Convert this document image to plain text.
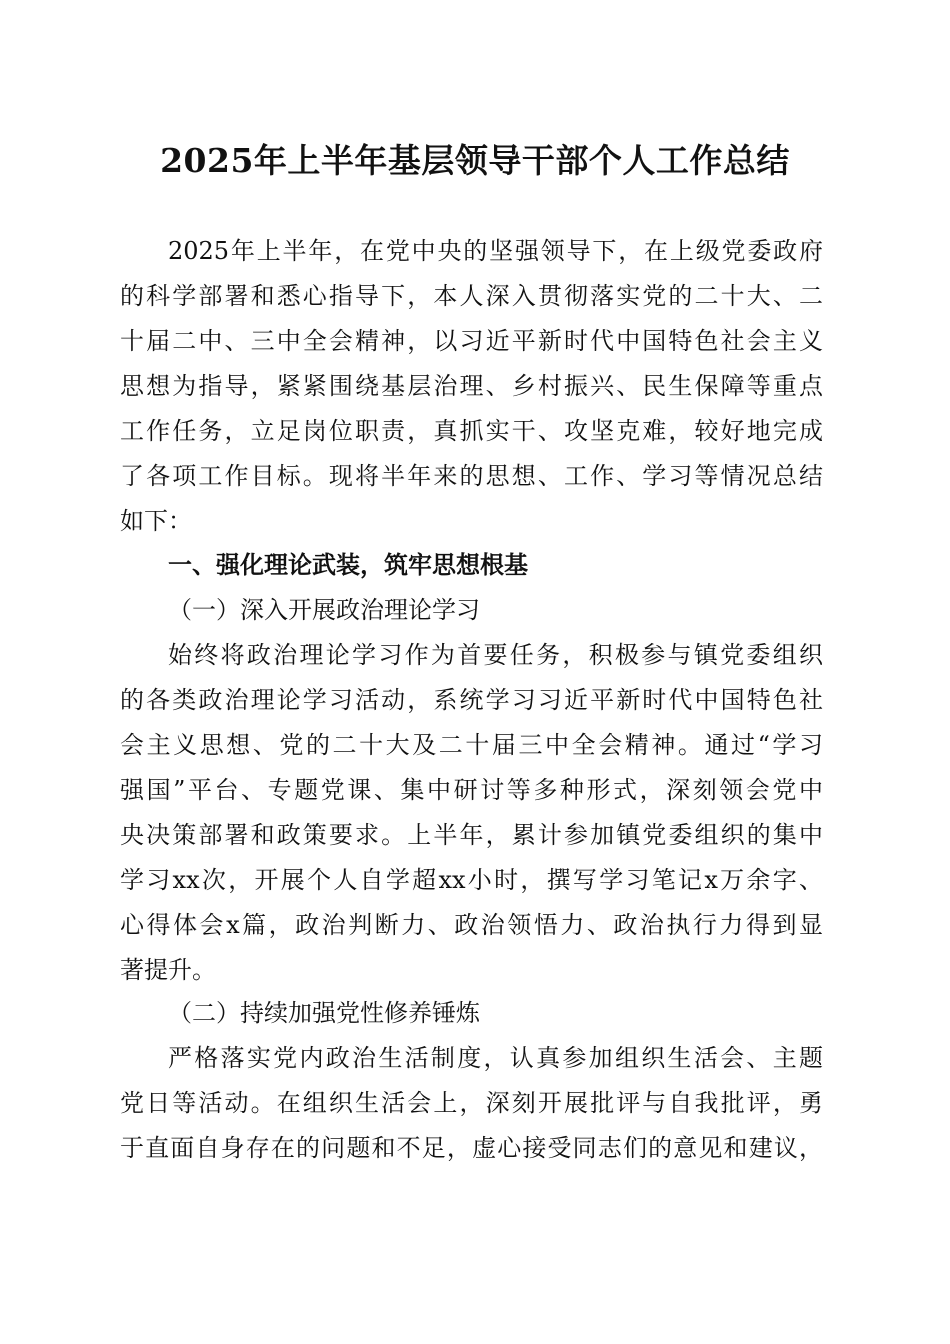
2025年上半年基层领导干部个人工作总结
2025年上半年，在党中央的坚强领导下，在上级党委政府
的科学部署和悉心指导下，本人深入贯彻落实党的二十大、二
十届二中、三中全会精神，以习近平新时代中国特色社会主义
思想为指导，紧紧围绕基层治理、乡村振兴、民生保障等重点
工作任务，立足岗位职责，真抓实干、攻坚克难，较好地完成
了各项工作目标。现将半年来的思想、工作、学习等情况总结
如下：
一、强化理论武装，筑牢思想根基
（一）深入开展政治理论学习
始终将政治理论学习作为首要任务，积极参与镇党委组织
的各类政治理论学习活动，系统学习习近平新时代中国特色社
会主义思想、党的二十大及二十届三中全会精神。通过“学习
强国”平台、专题党课、集中研讨等多种形式，深刻领会党中
央决策部署和政策要求。上半年，累计参加镇党委组织的集中
学习xx次，开展个人自学超xx小时，撰写学习笔记x万余字、
心得体会x篇，政治判断力、政治领悟力、政治执行力得到显
著提升。
（二）持续加强党性修养锤炼
严格落实党内政治生活制度，认真参加组织生活会、主题
党日等活动。在组织生活会上，深刻开展批评与自我批评，勇
于直面自身存在的问题和不足，虚心接受同志们的意见和建议，
